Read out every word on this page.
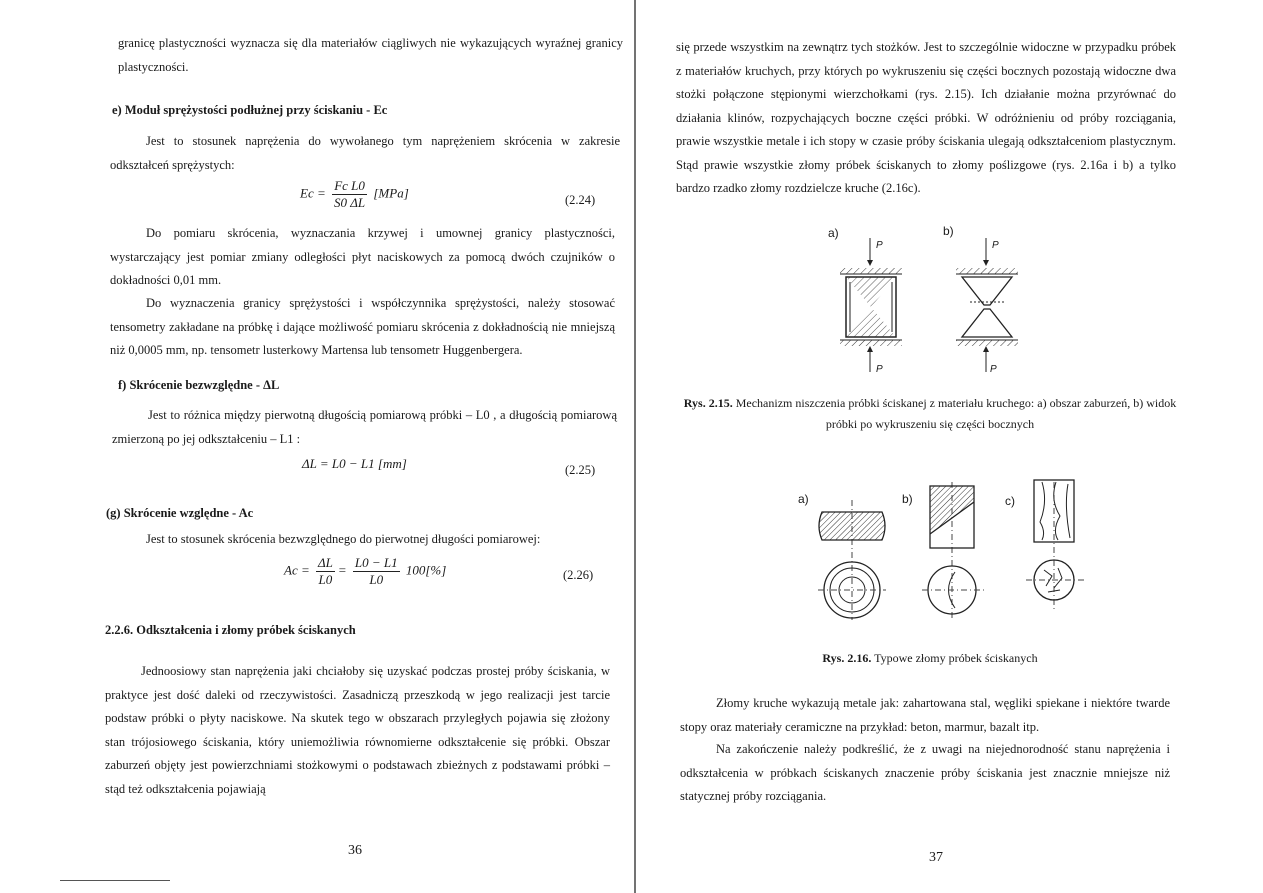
granicę plastyczności wyznacza się dla materiałów ciągliwych nie wykazujących wyraźnej granicy plastyczności.
e) Moduł sprężystości podłużnej przy ściskaniu - Ec
Jest to stosunek naprężenia do wywołanego tym naprężeniem skrócenia w zakresie odkształceń sprężystych:
$Ec = \frac{\text{Fc L0}}{S0 \Delta L} [MPa]$	(2.24)
Do pomiaru skrócenia, wyznaczania krzywej i umownej granicy plastyczności, wystarczający jest pomiar zmiany odległości płyt naciskowych za pomocą dwóch czujników o dokładności 0,01 mm.
Do wyznaczenia granicy sprężystości i współczynnika sprężystości, należy stosować tensometry zakładane na próbkę i dające możliwość pomiaru skrócenia z dokładnością nie mniejszą niż 0,0005 mm, np. tensometr lusterkowy Martensa lub tensometr Huggenbergera.
f) Skrócenie bezwzględne - ΔL
Jest to różnica między pierwotną długością pomiarową próbki – L0 , a długością pomiarową zmierzoną po jej odkształceniu – L1 :
ΔL = L0 − L1 [mm]	(2.25)
(g) Skrócenie względne - Ac
Jest to stosunek skrócenia bezwzględnego do pierwotnej długości pomiarowej:
$Ac = \frac{\Delta L}{L0} = \frac{L0 - L1}{L0} 100[\%]$	(2.26)
2.2.6. Odkształcenia i złomy próbek ściskanych
Jednoosiowy stan naprężenia jaki chciałoby się uzyskać podczas prostej próby ściskania, w praktyce jest dość daleki od rzeczywistości. Zasadniczą przeszkodą w jego realizacji jest tarcie podstaw próbki o płyty naciskowe. Na skutek tego w obszarach przyległych pojawia się złożony stan trójosiowego ściskania, który uniemożliwia równomierne odkształcenie się próbki. Obszar zaburzeń objęty jest powierzchniami stożkowymi o podstawach zbieżnych z podstawami próbki – stąd też odkształcenia pojawiają
36
się przede wszystkim na zewnątrz tych stożków. Jest to szczególnie widoczne w przypadku próbek z materiałów kruchych, przy których po wykruszeniu się części bocznych pozostają widoczne dwa stożki połączone stępionymi wierzchołkami (rys. 2.15). Ich działanie można przyrównać do działania klinów, rozpychających boczne części próbki. W odróżnieniu od próby rozciągania, prawie wszystkie metale i ich stopy w czasie próby ściskania ulegają odkształceniom plastycznym. Stąd prawie wszystkie złomy próbek ściskanych to złomy poślizgowe (rys. 2.16a i b) a tylko bardzo rzadko złomy rozdzielcze kruche (2.16c).
a)	b)
P	P
P	P
Rys. 2.15. Mechanizm niszczenia próbki ściskanej z materiału kruchego: a) obszar zaburzeń, b) widok próbki po wykruszeniu się części bocznych
a)	b)	c)
Rys. 2.16. Typowe złomy próbek ściskanych
Złomy kruche wykazują metale jak: zahartowana stal, węgliki spiekane i niektóre twarde stopy oraz materiały ceramiczne na przykład: beton, marmur, bazalt itp.
Na zakończenie należy podkreślić, że z uwagi na niejednorodność stanu naprężenia i odkształcenia w próbkach ściskanych znaczenie próby ściskania jest znacznie mniejsze niż statycznej próby rozciągania.
37
